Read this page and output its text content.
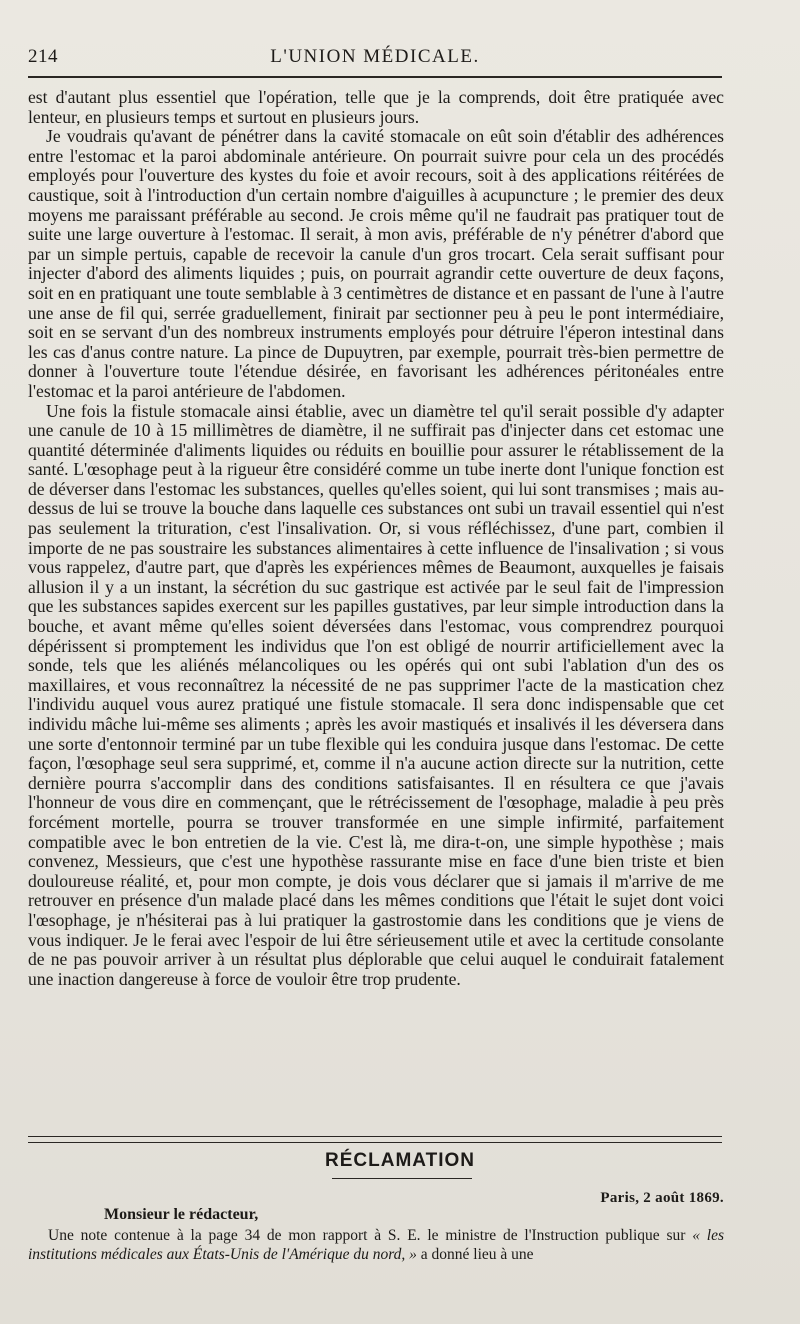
214	L'UNION MÉDICALE.

est d'autant plus essentiel que l'opération, telle que je la comprends, doit être pratiquée avec lenteur, en plusieurs temps et surtout en plusieurs jours.

Je voudrais qu'avant de pénétrer dans la cavité stomacale on eût soin d'établir des adhérences entre l'estomac et la paroi abdominale antérieure. On pourrait suivre pour cela un des procédés employés pour l'ouverture des kystes du foie et avoir recours, soit à des applications réitérées de caustique, soit à l'introduction d'un certain nombre d'aiguilles à acupuncture ; le premier des deux moyens me paraissant préférable au second. Je crois même qu'il ne faudrait pas pratiquer tout de suite une large ouverture à l'estomac. Il serait, à mon avis, préférable de n'y pénétrer d'abord que par un simple pertuis, capable de recevoir la canule d'un gros trocart. Cela serait suffisant pour injecter d'abord des aliments liquides ; puis, on pourrait agrandir cette ouverture de deux façons, soit en en pratiquant une toute semblable à 3 centimètres de distance et en passant de l'une à l'autre une anse de fil qui, serrée graduellement, finirait par sectionner peu à peu le pont intermédiaire, soit en se servant d'un des nombreux instruments employés pour détruire l'éperon intestinal dans les cas d'anus contre nature. La pince de Dupuytren, par exemple, pourrait très-bien permettre de donner à l'ouverture toute l'étendue désirée, en favorisant les adhérences péritonéales entre l'estomac et la paroi antérieure de l'abdomen.

Une fois la fistule stomacale ainsi établie, avec un diamètre tel qu'il serait possible d'y adapter une canule de 10 à 15 millimètres de diamètre, il ne suffirait pas d'injecter dans cet estomac une quantité déterminée d'aliments liquides ou réduits en bouillie pour assurer le rétablissement de la santé. L'œsophage peut à la rigueur être considéré comme un tube inerte dont l'unique fonction est de déverser dans l'estomac les substances, quelles qu'elles soient, qui lui sont transmises ; mais au-dessus de lui se trouve la bouche dans laquelle ces substances ont subi un travail essentiel qui n'est pas seulement la trituration, c'est l'insalivation. Or, si vous réfléchissez, d'une part, combien il importe de ne pas soustraire les substances alimentaires à cette influence de l'insalivation ; si vous vous rappelez, d'autre part, que d'après les expériences mêmes de Beaumont, auxquelles je faisais allusion il y a un instant, la sécrétion du suc gastrique est activée par le seul fait de l'impression que les substances sapides exercent sur les papilles gustatives, par leur simple introduction dans la bouche, et avant même qu'elles soient déversées dans l'estomac, vous comprendrez pourquoi dépérissent si promptement les individus que l'on est obligé de nourrir artificiellement avec la sonde, tels que les aliénés mélancoliques ou les opérés qui ont subi l'ablation d'un des os maxillaires, et vous reconnaîtrez la nécessité de ne pas supprimer l'acte de la mastication chez l'individu auquel vous aurez pratiqué une fistule stomacale. Il sera donc indispensable que cet individu mâche lui-même ses aliments ; après les avoir mastiqués et insalivés il les déversera dans une sorte d'entonnoir terminé par un tube flexible qui les conduira jusque dans l'estomac. De cette façon, l'œsophage seul sera supprimé, et, comme il n'a aucune action directe sur la nutrition, cette dernière pourra s'accomplir dans des conditions satisfaisantes. Il en résultera ce que j'avais l'honneur de vous dire en commençant, que le rétrécissement de l'œsophage, maladie à peu près forcément mortelle, pourra se trouver transformée en une simple infirmité, parfaitement compatible avec le bon entretien de la vie. C'est là, me dira-t-on, une simple hypothèse ; mais convenez, Messieurs, que c'est une hypothèse rassurante mise en face d'une bien triste et bien douloureuse réalité, et, pour mon compte, je dois vous déclarer que si jamais il m'arrive de me retrouver en présence d'un malade placé dans les mêmes conditions que l'était le sujet dont voici l'œsophage, je n'hésiterai pas à lui pratiquer la gastrostomie dans les conditions que je viens de vous indiquer. Je le ferai avec l'espoir de lui être sérieusement utile et avec la certitude consolante de ne pas pouvoir arriver à un résultat plus déplorable que celui auquel le conduirait fatalement une inaction dangereuse à force de vouloir être trop prudente.

RÉCLAMATION
Paris, 2 août 1869.
Monsieur le rédacteur,
Une note contenue à la page 34 de mon rapport à S. E. le ministre de l'Instruction publique sur « les institutions médicales aux États-Unis de l'Amérique du nord, » a donné lieu à une
